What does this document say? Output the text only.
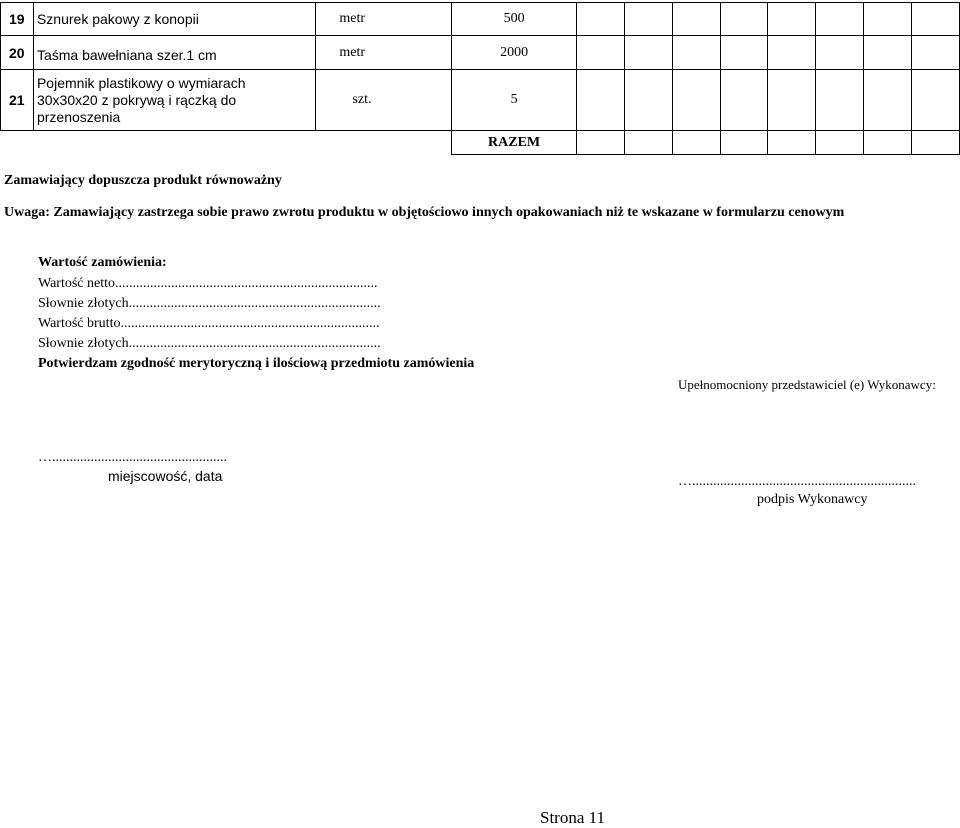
19	Sznurek pakowy z konopii	metr	500								
20	Taśma bawełniana szer.1 cm	metr	2000								
21	Pojemnik plastikowy o wymiarach
30x30x20 z pokrywą i rączką do
przenoszenia	szt.	5								
			RAZEM								
Zamawiający dopuszcza produkt równoważny
Uwaga: Zamawiający zastrzega sobie prawo zwrotu produktu w objętościowo innych opakowaniach niż te wskazane w formularzu cenowym
Wartość zamówienia:
Wartość netto...........................................................................
Słownie złotych........................................................................
Wartość brutto..........................................................................
Słownie złotych........................................................................
Potwierdzam zgodność merytoryczną i ilościową przedmiotu zamówienia
Upełnomocniony przedstawiciel (e) Wykonawcy:
…..................................................
miejscowość, data	…................................................................
podpis Wykonawcy
Strona 11
